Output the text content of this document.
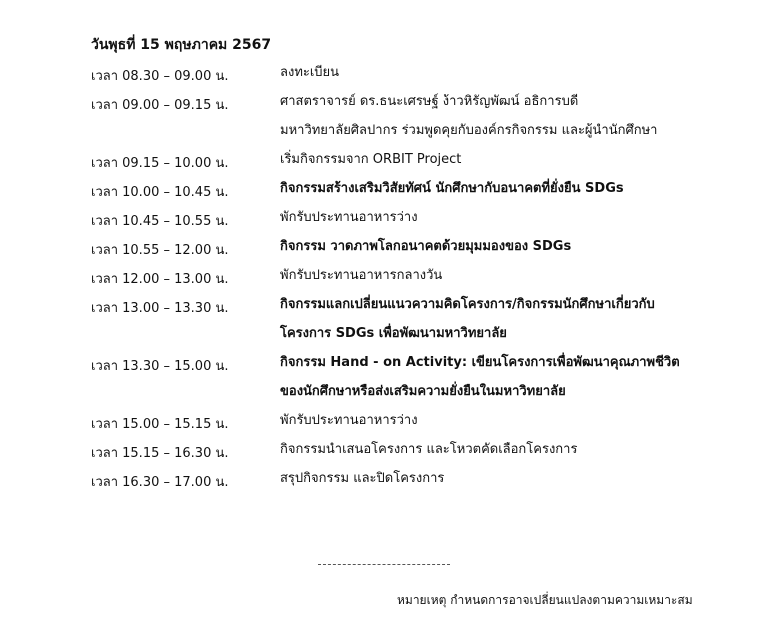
วันพุธที่ 15 พฤษภาคม 2567
เวลา 08.30 – 09.00 น.	ลงทะเบียน
เวลา 09.00 – 09.15 น.	ศาสตราจารย์ ดร.ธนะเศรษฐ์ ง้าวหิรัญพัฒน์ อธิการบดี
มหาวิทยาลัยศิลปากร ร่วมพูดคุยกับองค์กรกิจกรรม และผู้นำนักศึกษา
เวลา 09.15 – 10.00 น.	เริ่มกิจกรรมจาก ORBIT Project
เวลา 10.00 – 10.45 น.	กิจกรรมสร้างเสริมวิสัยทัศน์ นักศึกษากับอนาคตที่ยั่งยืน SDGs
เวลา 10.45 – 10.55 น.	พักรับประทานอาหารว่าง
เวลา 10.55 – 12.00 น.	กิจกรรม วาดภาพโลกอนาคตด้วยมุมมองของ SDGs
เวลา 12.00 – 13.00 น.	พักรับประทานอาหารกลางวัน
เวลา 13.00 – 13.30 น.	กิจกรรมแลกเปลี่ยนแนวความคิดโครงการ/กิจกรรมนักศึกษาเกี่ยวกับ
โครงการ SDGs เพื่อพัฒนามหาวิทยาลัย
เวลา 13.30 – 15.00 น.	กิจกรรม Hand - on Activity: เขียนโครงการเพื่อพัฒนาคุณภาพชีวิต
ของนักศึกษาหรือส่งเสริมความยั่งยืนในมหาวิทยาลัย
เวลา 15.00 – 15.15 น.	พักรับประทานอาหารว่าง
เวลา 15.15 – 16.30 น.	กิจกรรมนำเสนอโครงการ และโหวตคัดเลือกโครงการ
เวลา 16.30 – 17.00 น.	สรุปกิจกรรม และปิดโครงการ
หมายเหตุ กำหนดการอาจเปลี่ยนแปลงตามความเหมาะสม
